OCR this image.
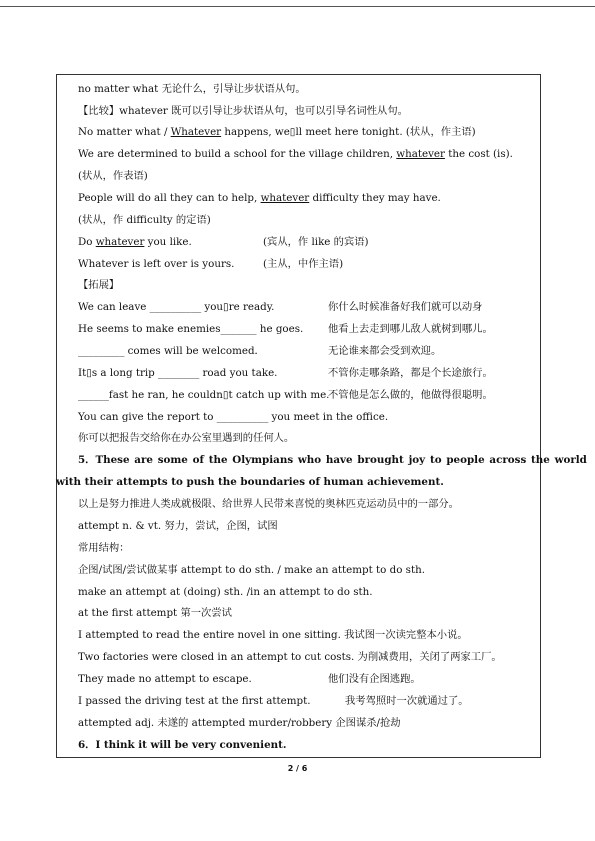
no matter what 无论什么，引导让步状语从句。
【比较】whatever 既可以引导让步状语从句，也可以引导名词性从句。
No matter what / Whatever happens, we▯ll meet here tonight. (状从，作主语)
We are determined to build a school for the village children, whatever the cost (is).
(状从，作表语)
People will do all they can to help, whatever difficulty they may have.
(状从，作 difficulty 的定语)
Do whatever you like.	(宾从，作 like 的宾语)
Whatever is left over is yours.	(主从，中作主语)
【拓展】
We can leave __________ you▯re ready.	你什么时候准备好我们就可以动身
He seems to make enemies_______ he goes. 他看上去走到哪儿敌人就树到哪儿。
_________ comes will be welcomed．	无论谁来都会受到欢迎。
It▯s a long trip ________ road you take.	不管你走哪条路，都是个长途旅行。
______fast he ran, he couldn▯t catch up with me.
不管他是怎么做的，他做得很聪明。
You can give the report to __________ you meet in the office.
你可以把报告交给你在办公室里遇到的任何人。
5．These are some of the Olympians who have brought joy to people across the world
with their attempts to push the boundaries of human achievement.
以上是努力推进人类成就极限、给世界人民带来喜悦的奥林匹克运动员中的一部分。
attempt n. & vt. 努力，尝试，企图，试图
常用结构：
企图/试图/尝试做某事 attempt to do sth. / make an attempt to do sth.
make an attempt at (doing) sth. /in an attempt to do sth.
at the first attempt 第一次尝试
I attempted to read the entire novel in one sitting. 我试图一次读完整本小说。
Two factories were closed in an attempt to cut costs. 为削减费用，关闭了两家工厂。
They made no attempt to escape.	他们没有企图逃跑。
I passed the driving test at the first attempt.	我考驾照时一次就通过了。
attempted adj. 未遂的 attempted murder/robbery 企图谋杀/抢劫
6．I think it will be very convenient.
2 / 6
